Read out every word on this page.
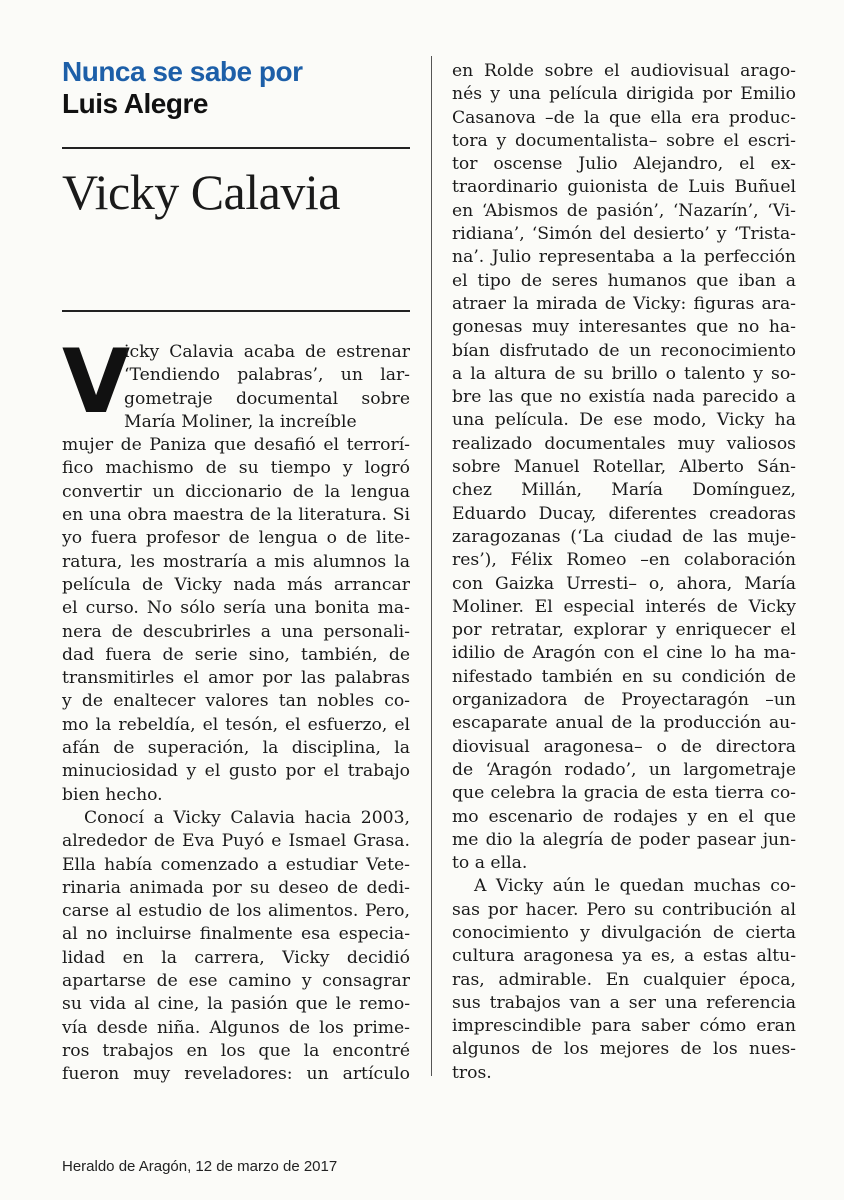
Nunca se sabe por
Luis Alegre
Vicky Calavia
V
icky Calavia acaba de estrenar
‘Tendiendo palabras’, un lar-
gometraje documental sobre
María Moliner, la increíble
mujer de Paniza que desafió el terrorí-
fico machismo de su tiempo y logró
convertir un diccionario de la lengua
en una obra maestra de la literatura. Si
yo fuera profesor de lengua o de lite-
ratura, les mostraría a mis alumnos la
película de Vicky nada más arrancar
el curso. No sólo sería una bonita ma-
nera de descubrirles a una personali-
dad fuera de serie sino, también, de
transmitirles el amor por las palabras
y de enaltecer valores tan nobles co-
mo la rebeldía, el tesón, el esfuerzo, el
afán de superación, la disciplina, la
minuciosidad y el gusto por el trabajo
bien hecho.
Conocí a Vicky Calavia hacia 2003,
alrededor de Eva Puyó e Ismael Grasa.
Ella había comenzado a estudiar Vete-
rinaria animada por su deseo de dedi-
carse al estudio de los alimentos. Pero,
al no incluirse finalmente esa especia-
lidad en la carrera, Vicky decidió
apartarse de ese camino y consagrar
su vida al cine, la pasión que le remo-
vía desde niña. Algunos de los prime-
ros trabajos en los que la encontré
fueron muy reveladores: un artículo
en Rolde sobre el audiovisual arago-
nés y una película dirigida por Emilio
Casanova –de la que ella era produc-
tora y documentalista– sobre el escri-
tor oscense Julio Alejandro, el ex-
traordinario guionista de Luis Buñuel
en ‘Abismos de pasión’, ‘Nazarín’, ‘Vi-
ridiana’, ‘Simón del desierto’ y ‘Trista-
na’. Julio representaba a la perfección
el tipo de seres humanos que iban a
atraer la mirada de Vicky: figuras ara-
gonesas muy interesantes que no ha-
bían disfrutado de un reconocimiento
a la altura de su brillo o talento y so-
bre las que no existía nada parecido a
una película. De ese modo, Vicky ha
realizado documentales muy valiosos
sobre Manuel Rotellar, Alberto Sán-
chez Millán, María Domínguez,
Eduardo Ducay, diferentes creadoras
zaragozanas (‘La ciudad de las muje-
res’), Félix Romeo –en colaboración
con Gaizka Urresti– o, ahora, María
Moliner. El especial interés de Vicky
por retratar, explorar y enriquecer el
idilio de Aragón con el cine lo ha ma-
nifestado también en su condición de
organizadora de Proyectaragón –un
escaparate anual de la producción au-
diovisual aragonesa– o de directora
de ‘Aragón rodado’, un largometraje
que celebra la gracia de esta tierra co-
mo escenario de rodajes y en el que
me dio la alegría de poder pasear jun-
to a ella.
A Vicky aún le quedan muchas co-
sas por hacer. Pero su contribución al
conocimiento y divulgación de cierta
cultura aragonesa ya es, a estas altu-
ras, admirable. En cualquier época,
sus trabajos van a ser una referencia
imprescindible para saber cómo eran
algunos de los mejores de los nues-
tros.
Heraldo de Aragón, 12 de marzo de 2017
